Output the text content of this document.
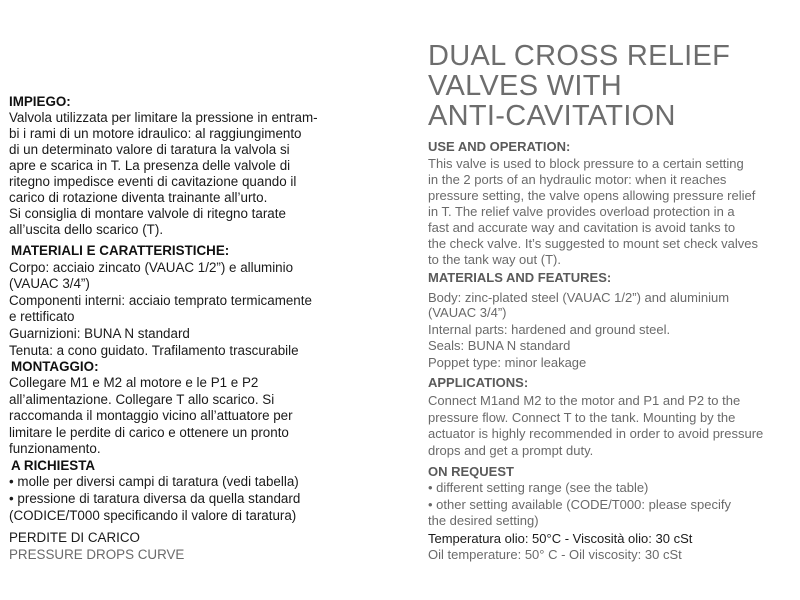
IMPIEGO:
Valvola utilizzata per limitare la pressione in entram-
bi i rami di un motore idraulico: al raggiungimento
di un determinato valore di taratura la valvola si
apre e scarica in T. La presenza delle valvole di
ritegno impedisce eventi di cavitazione quando il
carico di rotazione diventa trainante all’urto.
Si consiglia di montare valvole di ritegno tarate
all’uscita dello scarico (T).
MATERIALI E CARATTERISTICHE:
Corpo: acciaio zincato (VAUAC 1/2”) e alluminio
(VAUAC 3/4”)
Componenti interni: acciaio temprato termicamente
e rettificato
Guarnizioni: BUNA N standard
Tenuta: a cono guidato. Trafilamento trascurabile
MONTAGGIO:
Collegare M1 e M2 al motore e le P1 e P2
all’alimentazione. Collegare T allo scarico. Si
raccomanda il montaggio vicino all’attuatore per
limitare le perdite di carico e ottenere un pronto
funzionamento.
A RICHIESTA
• molle per diversi campi di taratura (vedi tabella)
• pressione di taratura diversa da quella standard
(CODICE/T000 specificando il valore di taratura)
PERDITE DI CARICO
PRESSURE DROPS CURVE
DUAL CROSS RELIEF
VALVES WITH
ANTI-CAVITATION
USE AND OPERATION:
This valve is used to block pressure to a certain setting
in the 2 ports of an hydraulic motor: when it reaches
pressure setting, the valve opens allowing pressure relief
in T. The relief valve provides overload protection in a
fast and accurate way and cavitation is avoid tanks to
the check valve. It’s suggested to mount set check valves
to the tank way out (T).
MATERIALS AND FEATURES:
Body: zinc-plated steel (VAUAC 1/2”) and aluminium
(VAUAC 3/4”)
Internal parts: hardened and ground steel.
Seals: BUNA N standard
Poppet type: minor leakage
APPLICATIONS:
Connect M1and M2 to the motor and P1 and P2 to the
pressure flow. Connect T to the tank. Mounting by the
actuator is highly recommended in order to avoid pressure
drops and get a prompt duty.
ON REQUEST
• different setting range (see the table)
• other setting available (CODE/T000: please specify
the desired setting)
Temperatura olio: 50°C - Viscosità olio: 30 cSt
Oil temperature: 50° C - Oil viscosity: 30 cSt
